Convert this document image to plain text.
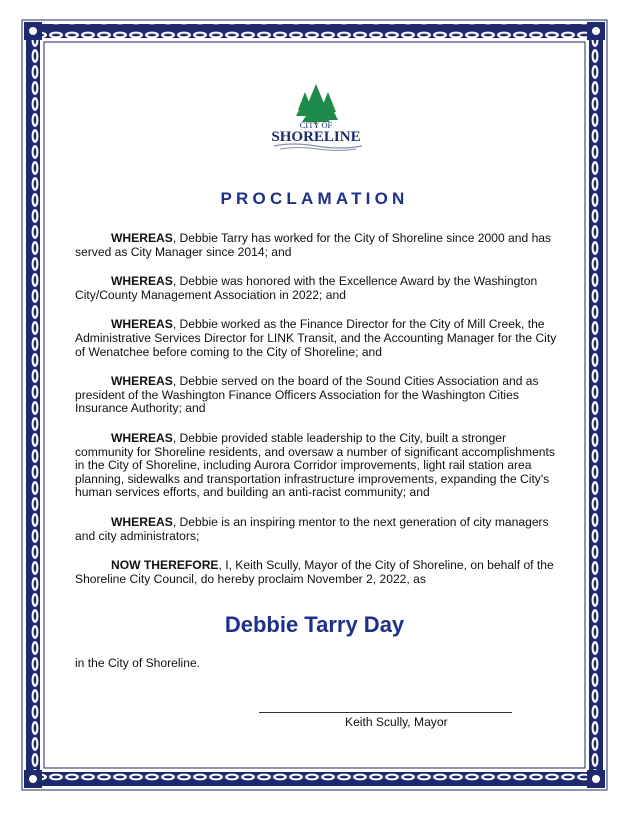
CITY OF
SHORELINE
PROCLAMATION

WHEREAS, Debbie Tarry has worked for the City of Shoreline since 2000 and has served as City Manager since 2014; and

WHEREAS, Debbie was honored with the Excellence Award by the Washington City/County Management Association in 2022; and

WHEREAS, Debbie worked as the Finance Director for the City of Mill Creek, the Administrative Services Director for LINK Transit, and the Accounting Manager for the City of Wenatchee before coming to the City of Shoreline; and

WHEREAS, Debbie served on the board of the Sound Cities Association and as president of the Washington Finance Officers Association for the Washington Cities Insurance Authority; and

WHEREAS, Debbie provided stable leadership to the City, built a stronger community for Shoreline residents, and oversaw a number of significant accomplishments in the City of Shoreline, including Aurora Corridor improvements, light rail station area planning, sidewalks and transportation infrastructure improvements, expanding the City's human services efforts, and building an anti-racist community; and

WHEREAS, Debbie is an inspiring mentor to the next generation of city managers and city administrators;

NOW THEREFORE, I, Keith Scully, Mayor of the City of Shoreline, on behalf of the Shoreline City Council, do hereby proclaim November 2, 2022, as

Debbie Tarry Day
in the City of Shoreline.
Keith Scully, Mayor
